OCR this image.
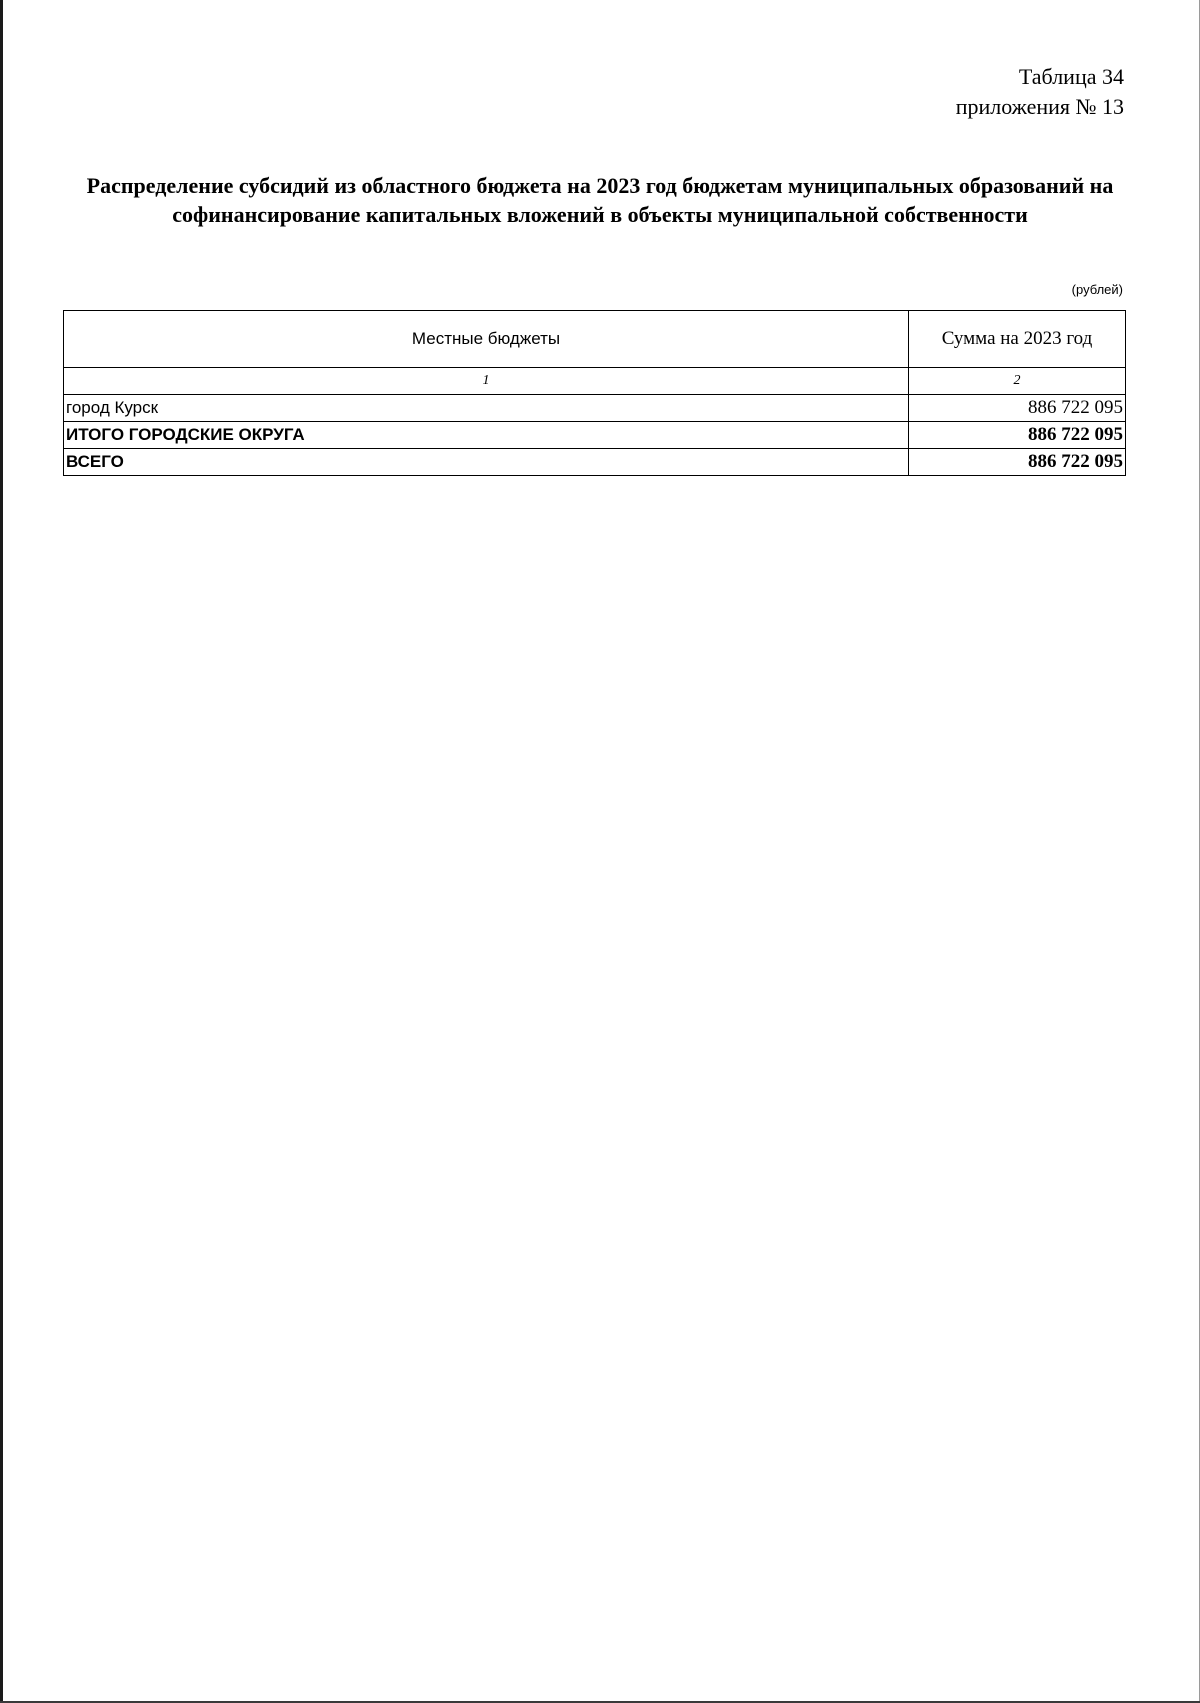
Таблица 34
приложения № 13
Распределение субсидий из областного бюджета на 2023 год бюджетам муниципальных образований на софинансирование капитальных вложений в объекты муниципальной собственности
(рублей)
Местные бюджеты	Сумма на 2023 год
1	2
город Курск	886 722 095
ИТОГО ГОРОДСКИЕ ОКРУГА	886 722 095
ВСЕГО	886 722 095
